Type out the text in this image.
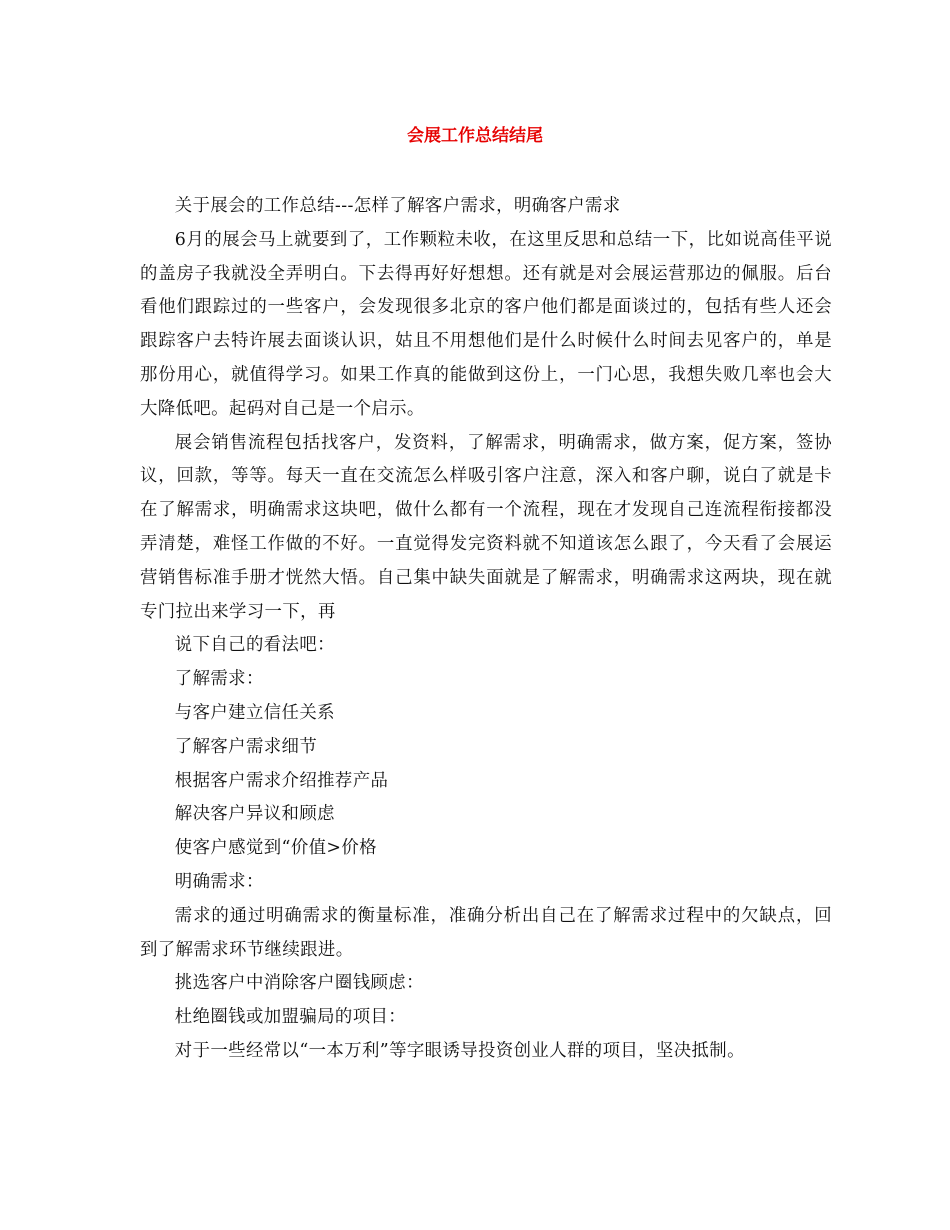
会展工作总结结尾

关于展会的工作总结---怎样了解客户需求，明确客户需求

6月的展会马上就要到了，工作颗粒未收，在这里反思和总结一下，比如说高佳平说的盖房子我就没全弄明白。下去得再好好想想。还有就是对会展运营那边的佩服。后台看他们跟踪过的一些客户，会发现很多北京的客户他们都是面谈过的，包括有些人还会跟踪客户去特许展去面谈认识，姑且不用想他们是什么时候什么时间去见客户的，单是那份用心，就值得学习。如果工作真的能做到这份上，一门心思，我想失败几率也会大大降低吧。起码对自己是一个启示。

展会销售流程包括找客户，发资料，了解需求，明确需求，做方案，促方案，签协议，回款，等等。每天一直在交流怎么样吸引客户注意，深入和客户聊，说白了就是卡在了解需求，明确需求这块吧，做什么都有一个流程，现在才发现自己连流程衔接都没弄清楚，难怪工作做的不好。一直觉得发完资料就不知道该怎么跟了，今天看了会展运营销售标准手册才恍然大悟。自己集中缺失面就是了解需求，明确需求这两块，现在就专门拉出来学习一下，再

说下自己的看法吧：

了解需求：

与客户建立信任关系

了解客户需求细节

根据客户需求介绍推荐产品

解决客户异议和顾虑

使客户感觉到“价值>价格

明确需求：

需求的通过明确需求的衡量标准，准确分析出自己在了解需求过程中的欠缺点，回到了解需求环节继续跟进。

挑选客户中消除客户圈钱顾虑：

杜绝圈钱或加盟骗局的项目：

对于一些经常以“一本万利”等字眼诱导投资创业人群的项目，坚决抵制。
